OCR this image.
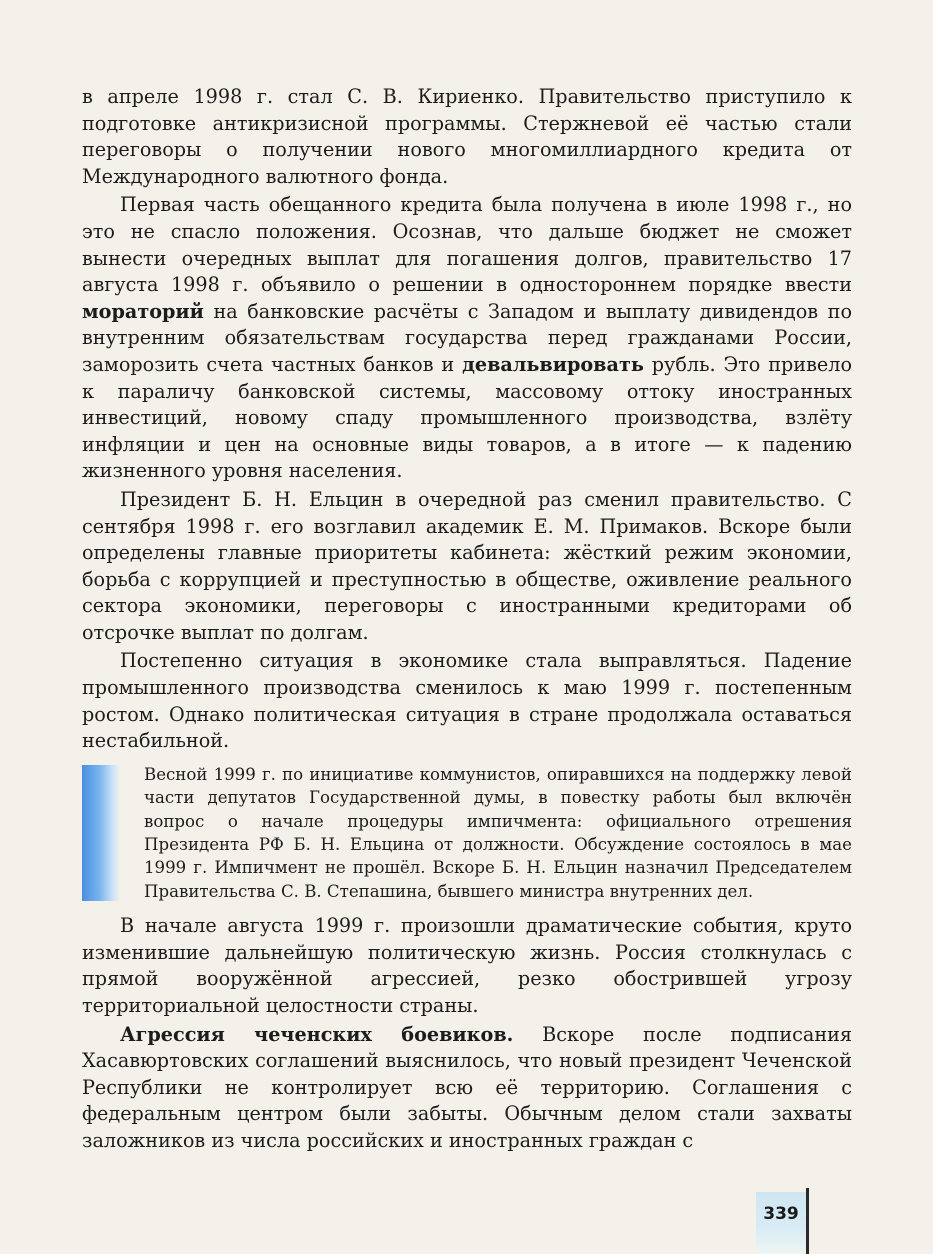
в апреле 1998 г. стал С. В. Кириенко. Правительство приступило к подготовке антикризисной программы. Стержневой её частью стали переговоры о получении нового многомиллиардного кредита от Международного валютного фонда.

Первая часть обещанного кредита была получена в июле 1998 г., но это не спасло положения. Осознав, что дальше бюджет не сможет вынести очередных выплат для погашения долгов, правительство 17 августа 1998 г. объявило о решении в одностороннем порядке ввести мораторий на банковские расчёты с Западом и выплату дивидендов по внутренним обязательствам государства перед гражданами России, заморозить счета частных банков и девальвировать рубль. Это привело к параличу банковской системы, массовому оттоку иностранных инвестиций, новому спаду промышленного производства, взлёту инфляции и цен на основные виды товаров, а в итоге — к падению жизненного уровня населения.

Президент Б. Н. Ельцин в очередной раз сменил правительство. С сентября 1998 г. его возглавил академик Е. М. Примаков. Вскоре были определены главные приоритеты кабинета: жёсткий режим экономии, борьба с коррупцией и преступностью в обществе, оживление реального сектора экономики, переговоры с иностранными кредиторами об отсрочке выплат по долгам.

Постепенно ситуация в экономике стала выправляться. Падение промышленного производства сменилось к маю 1999 г. постепенным ростом. Однако политическая ситуация в стране продолжала оставаться нестабильной.

Весной 1999 г. по инициативе коммунистов, опиравшихся на поддержку левой части депутатов Государственной думы, в повестку работы был включён вопрос о начале процедуры импичмента: официального отрешения Президента РФ Б. Н. Ельцина от должности. Обсуждение состоялось в мае 1999 г. Импичмент не прошёл. Вскоре Б. Н. Ельцин назначил Председателем Правительства С. В. Степашина, бывшего министра внутренних дел.

В начале августа 1999 г. произошли драматические события, круто изменившие дальнейшую политическую жизнь. Россия столкнулась с прямой вооружённой агрессией, резко обострившей угрозу территориальной целостности страны.

Агрессия чеченских боевиков. Вскоре после подписания Хасавюртовских соглашений выяснилось, что новый президент Чеченской Республики не контролирует всю её территорию. Соглашения с федеральным центром были забыты. Обычным делом стали захваты заложников из числа российских и иностранных граждан с

339
